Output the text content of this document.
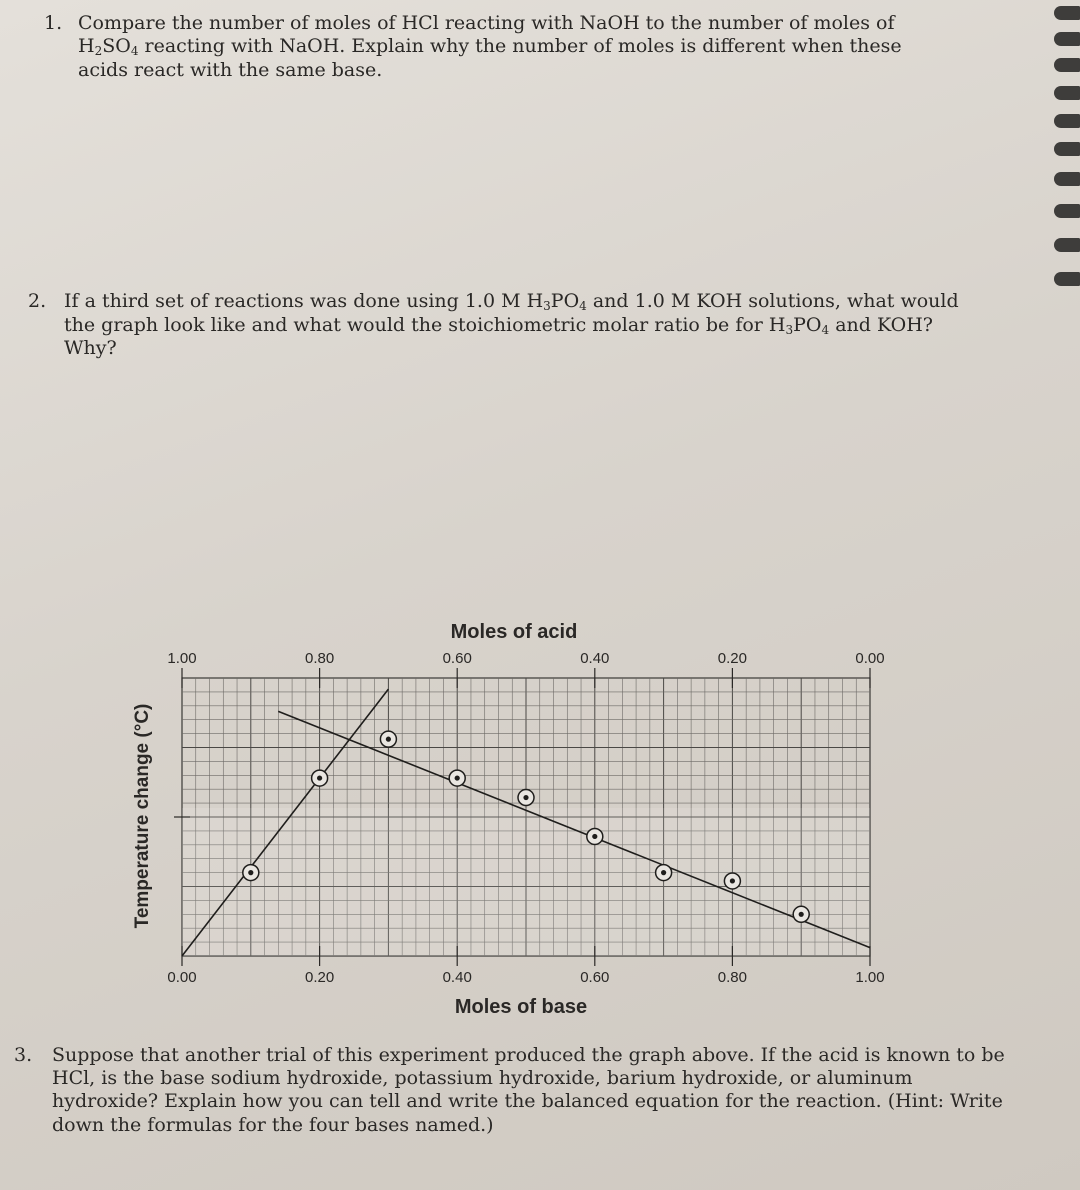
1. Compare the number of moles of HCl reacting with NaOH to the number of moles of $H_2SO_4$ reacting with NaOH. Explain why the number of moles is different when these acids react with the same base.
2. If a third set of reactions was done using 1.0 M $H_3PO_4$ and 1.0 M KOH solutions, what would the graph look like and what would the stoichiometric molar ratio be for $H_3PO_4$ and KOH? Why?
0.00
1.00
0.20
0.80
0.40
0.60
0.60
0.40
0.80
0.20
1.00
0.00
Moles of acid
Moles of base
Temperature change (°C)
3. Suppose that another trial of this experiment produced the graph above. If the acid is known to be HCl, is the base sodium hydroxide, potassium hydroxide, barium hydroxide, or aluminum hydroxide? Explain how you can tell and write the balanced equation for the reaction. (Hint: Write down the formulas for the four bases named.)
